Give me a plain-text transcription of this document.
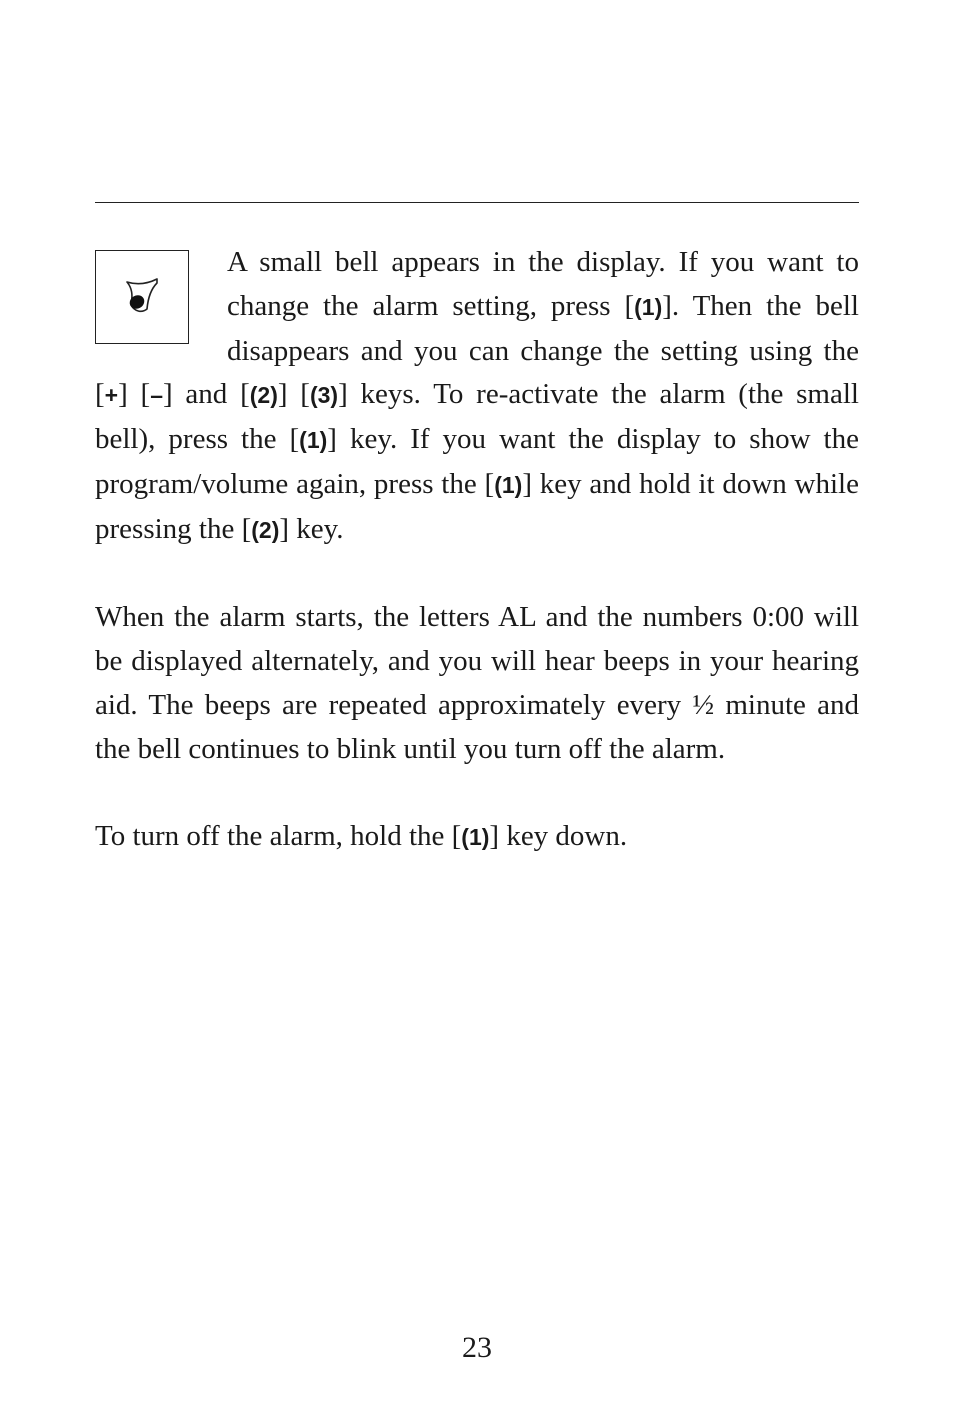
A small bell appears in the display. If you want to change the alarm setting, press [(1)]. Then the bell disappears and you can change the setting using the [+] [–] and [(2)] [(3)] keys. To re-activate the alarm (the small bell), press the [(1)] key. If you want the display to show the program/volume again, press the [(1)] key and hold it down while pressing the [(2)] key.

When the alarm starts, the letters AL and the numbers 0:00 will be displayed alternately, and you will hear beeps in your hearing aid. The beeps are repeated approximately every ½ minute and the bell continues to blink until you turn off the alarm.

To turn off the alarm, hold the [(1)] key down.

23
